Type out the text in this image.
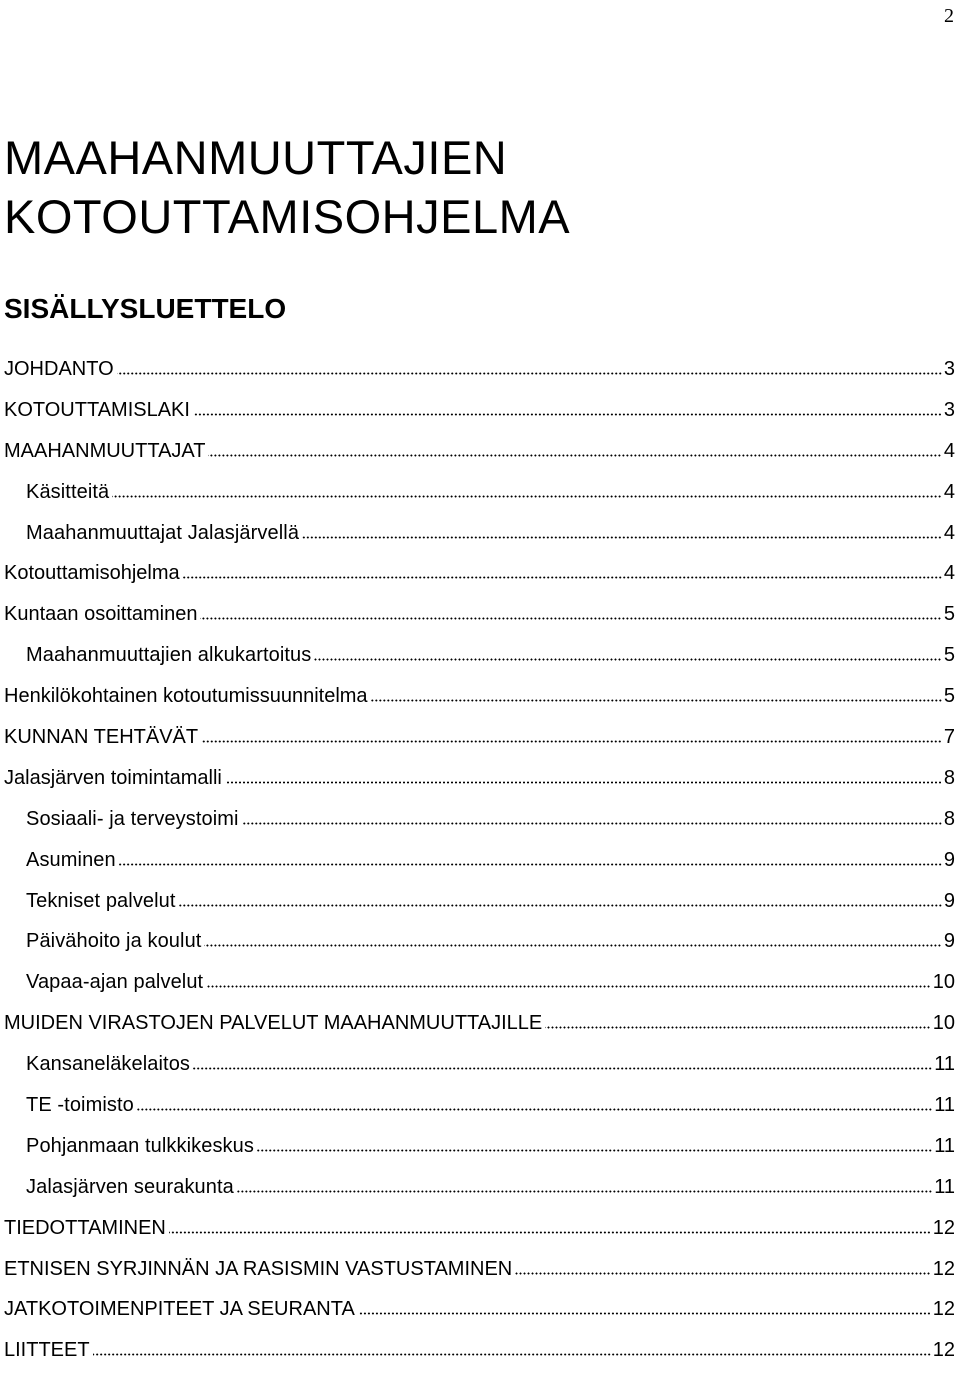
2
MAAHANMUUTTAJIEN
KOTOUTTAMISOHJELMA
SISÄLLYSLUETTELO
JOHDANTO	3
KOTOUTTAMISLAKI	3
MAAHANMUUTTAJAT	4
Käsitteitä	4
Maahanmuuttajat Jalasjärvellä	4
Kotouttamisohjelma	4
Kuntaan osoittaminen	5
Maahanmuuttajien alkukartoitus	5
Henkilökohtainen kotoutumissuunnitelma	5
KUNNAN TEHTÄVÄT	7
Jalasjärven toimintamalli	8
Sosiaali- ja terveystoimi	8
Asuminen	9
Tekniset palvelut	9
Päivähoito ja koulut	9
Vapaa-ajan palvelut	10
MUIDEN VIRASTOJEN PALVELUT MAAHANMUUTTAJILLE	10
Kansaneläkelaitos	11
TE -toimisto	11
Pohjanmaan tulkkikeskus	11
Jalasjärven seurakunta	11
TIEDOTTAMINEN	12
ETNISEN SYRJINNÄN JA RASISMIN VASTUSTAMINEN	12
JATKOTOIMENPITEET JA SEURANTA	12
LIITTEET	12
